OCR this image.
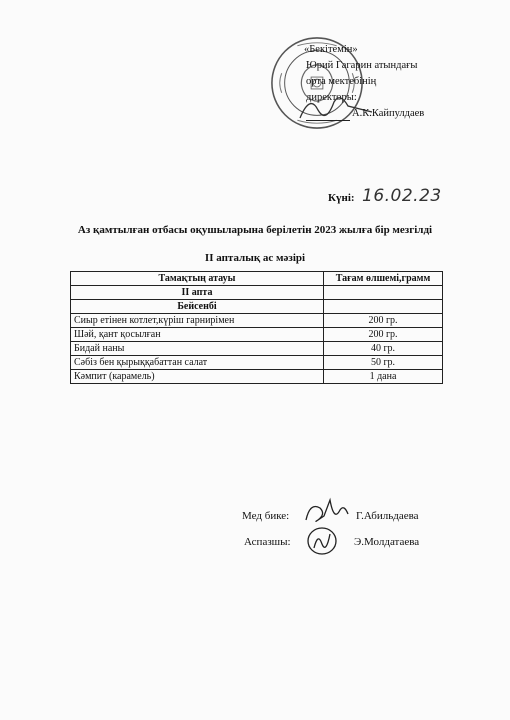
«Бекітемін»
Юрий Гагарин атындағы
орта мектебінің
директоры:
А.К.Кайпулдаев
Күні: 16.02.23
Аз қамтылған отбасы оқушыларына берілетін 2023 жылға бір мезгілді
II апталық ас мәзірі
Тамақтың атауы	Тағам өлшемі,грамм
II апта	
Бейсенбі	
Сиыр етінен котлет,күріш гарнирімен	200 гр.
Шәй, қант қосылған	200 гр.
Бидай наны	40 гр.
Сәбіз бен қырыққабаттан салат	50 гр.
Кәмпит (карамель)	1 дана
Мед бике:	Г.Абильдаева
Аспазшы:	Э.Молдатаева
